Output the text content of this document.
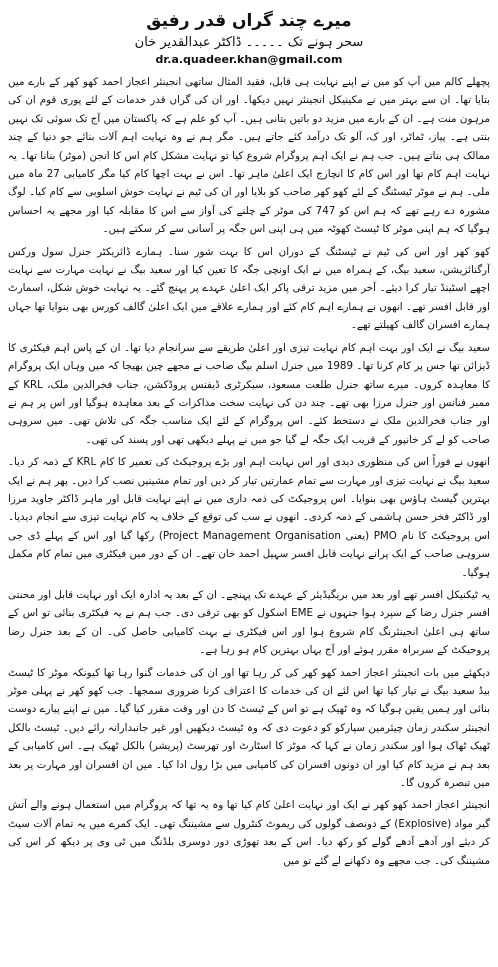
میرے چند گراں قدر رفیق
سحر ہونے تک ۔۔۔۔۔ ڈاکٹر عبدالقدیر خان
dr.a.quadeer.khan@gmail.com

پچھلے کالم میں آپ کو میں نے اپنے نہایت ہی قابل، فقید المثال ساتھی انجینئر اعجاز احمد کھو کھر کے بارے میں بتایا تھا۔ ان سے بہتر میں نے مکینیکل انجینئر نہیں دیکھا۔ اور ان کی گراں قدر خدمات کے لئے پوری قوم ان کی مرہون منت ہے۔ ان کے بارے میں مزید دو باتیں بتانی ہیں۔ آپ کو علم ہے کہ پاکستان میں آج تک سوئی تک نہیں بنتی ہے۔ پیاز، ٹماٹر، اور ک، آلو تک درآمد کئے جاتے ہیں۔ مگر ہم نے وہ نہایت اہم آلات بنائے جو دنیا کے چند ممالک ہی بناتے ہیں۔ جب ہم نے ایک اہم پروگرام شروع کیا تو نہایت مشکل کام اس کا انجن (موٹر) بنانا تھا۔ یہ نہایت اہم کام تھا اور اس کام کا انچارج ایک اعلیٰ ماہر تھا۔ اس نے بہت اچھا کام کیا مگر کامیابی 27 ماہ میں ملی۔ ہم نے موٹر ٹیسٹنگ کے لئے کھو کھر صاحب کو بلایا اور ان کی ٹیم نے نہایت خوش اسلوبی سے کام کیا۔ لوگ مشورہ دے رہے تھے کہ ہم اس کو 747 کی موٹر کے چلنے کی آواز سے اس کا مقابلہ کیا اور مجھے یہ احساس ہوگیا کہ ہم اپنی موٹر کا ٹیسٹ کھوٹہ میں ہی اپنی اس جگہ پر آسانی سے کر سکتے ہیں۔

کھو کھر اور اس کی ٹیم نے ٹیسٹنگ کے دوران اس کا بہت شور سنا۔ ہمارے ڈائریکٹر جنرل سول ورکس آرگنائزیشن، سعید بیگ، کے ہمراہ میں نے ایک اونچی جگہ کا تعین کیا اور سعید بیگ نے نہایت مہارت سے نہایت اچھے اسٹینڈ تیار کرا دیئے۔ آخر میں مزید ترقی پاکر ایک اعلیٰ عہدے پر پہنچ گئے۔ یہ نہایت خوش شکل، اسمارٹ اور قابل افسر تھے۔ انھوں نے ہمارے اہم کام کئے اور ہمارے علاقے میں ایک اعلیٰ گالف کورس بھی بنوایا تھا جہاں ہمارے افسران گالف کھیلتے تھے۔

سعید بیگ نے ایک اور بہت اہم کام نہایت تیزی اور اعلیٰ طریقے سے سرانجام دیا تھا۔ ان کے پاس اہم فیکٹری کا ڈیزائن تھا جس پر کام کرنا تھا۔ 1989 میں جنرل اسلم بیگ صاحب نے مجھے چین بھیجا کہ میں وہاں ایک پروگرام کا معاہدہ کروں۔ میرے ساتھ جنرل طلعت مسعود، سیکرٹری ڈیفنس پروڈکشن، جناب فخرالدین ملک، KRL کے ممبر فنانس اور جنرل مرزا بھی تھے۔ چند دن کی نہایت سخت مذاکرات کے بعد معاہدہ ہوگیا اور اس پر ہم نے اور جناب فخرالدین ملک نے دستخط کئے۔ اس پروگرام کے لئے ایک مناسب جگہ کی تلاش تھی۔ میں سروہی صاحب کو لے کر خانپور کے قریب ایک جگہ لے گیا جو میں نے پہلے دیکھی تھی اور پسند کی تھی۔

انھوں نے فوراً اس کی منظوری دیدی اور اس نہایت اہم اور بڑے پروجیکٹ کی تعمیر کا کام KRL کے ذمہ کر دیا۔ سعید بیگ نے نہایت تیزی اور مہارت سے تمام عمارتیں تیار کر دیں اور تمام مشینیں نصب کرا دیں۔ پھر ہم نے ایک بہترین گیسٹ ہاؤس بھی بنوایا۔ اس پروجیکٹ کی ذمہ داری میں نے اپنے نہایت قابل اور ماہر ڈاکٹر جاوید مرزا اور ڈاکٹر فخر حسن ہاشمی کے ذمہ کردی۔ انھوں نے سب کی توقع کے خلاف یہ کام نہایت تیزی سے انجام دیدیا۔ اس پروجیکٹ کا نام PMO (یعنی Project Management Organisation) رکھا گیا اور اس کے پہلے ڈی جی سروہی صاحب کے ایک پرانے نہایت قابل افسر سہیل احمد خان تھے۔ ان کے دور میں فیکٹری میں تمام کام مکمل ہوگیا۔

یہ ٹیکنیکل افسر تھے اور بعد میں بریگیڈیئر کے عہدے تک پہنچے۔ ان کے بعد یہ ادارہ ایک اور نہایت قابل اور محنتی افسر جنرل رضا کے سپرد ہوا جنہوں نے EME اسکول کو بھی ترقی دی۔ جب ہم نے یہ فیکٹری بنائی تو اس کے ساتھ ہی اعلیٰ انجینئرنگ کام شروع ہوا اور اس فیکٹری نے بہت کامیابی حاصل کی۔ ان کے بعد جنرل رضا پروجیکٹ کے سربراہ مقرر ہوئے اور آج یہاں بہترین کام ہو رہا ہے۔

دیکھئے میں بات انجینئر اعجاز احمد کھو کھر کی کر رہا تھا اور ان کی خدمات گنوا رہا تھا کیونکہ موٹر کا ٹیسٹ بیڈ سعید بیگ نے تیار کیا تھا اس لئے ان کی خدمات کا اعتراف کرنا ضروری سمجھا۔ جب کھو کھر نے پہلی موٹر بنائی اور ہمیں یقین ہوگیا کہ وہ ٹھیک ہے تو اس کے ٹیسٹ کا دن اور وقت مقرر کیا گیا۔ میں نے اپنے پیارے دوست انجینئر سکندر زمان چیئرمین سپارکو کو دعوت دی کہ وہ ٹیسٹ دیکھیں اور غیر جانبدارانہ رائے دیں۔ ٹیسٹ بالکل ٹھیک ٹھاک ہوا اور سکندر زمان نے کہا کہ موٹر کا اسٹارٹ اور تھرسٹ (پریشر) بالکل ٹھیک ہے۔ اس کامیابی کے بعد ہم نے مزید کام کیا اور ان دونوں افسران کی کامیابی میں بڑا رول ادا کیا۔ میں ان افسران اور مہارت پر بعد میں تبصرہ کروں گا۔

انجینئر اعجاز احمد کھو کھر نے ایک اور نہایت اعلیٰ کام کیا تھا وہ یہ تھا کہ پروگرام میں استعمال ہونے والے آتش گیر مواد (Explosive) کے دونصف گولوں کی ریموٹ کنٹرول سے مشیننگ تھی۔ ایک کمرے میں یہ تمام آلات سیٹ کر دیئے اور آدھے آدھے گولے کو رکھ دیا۔ اس کے بعد تھوڑی دور دوسری بلڈنگ میں ٹی وی پر دیکھ کر اس کی مشیننگ کی۔ جب مجھے وہ دکھانے لے گئے تو میں
